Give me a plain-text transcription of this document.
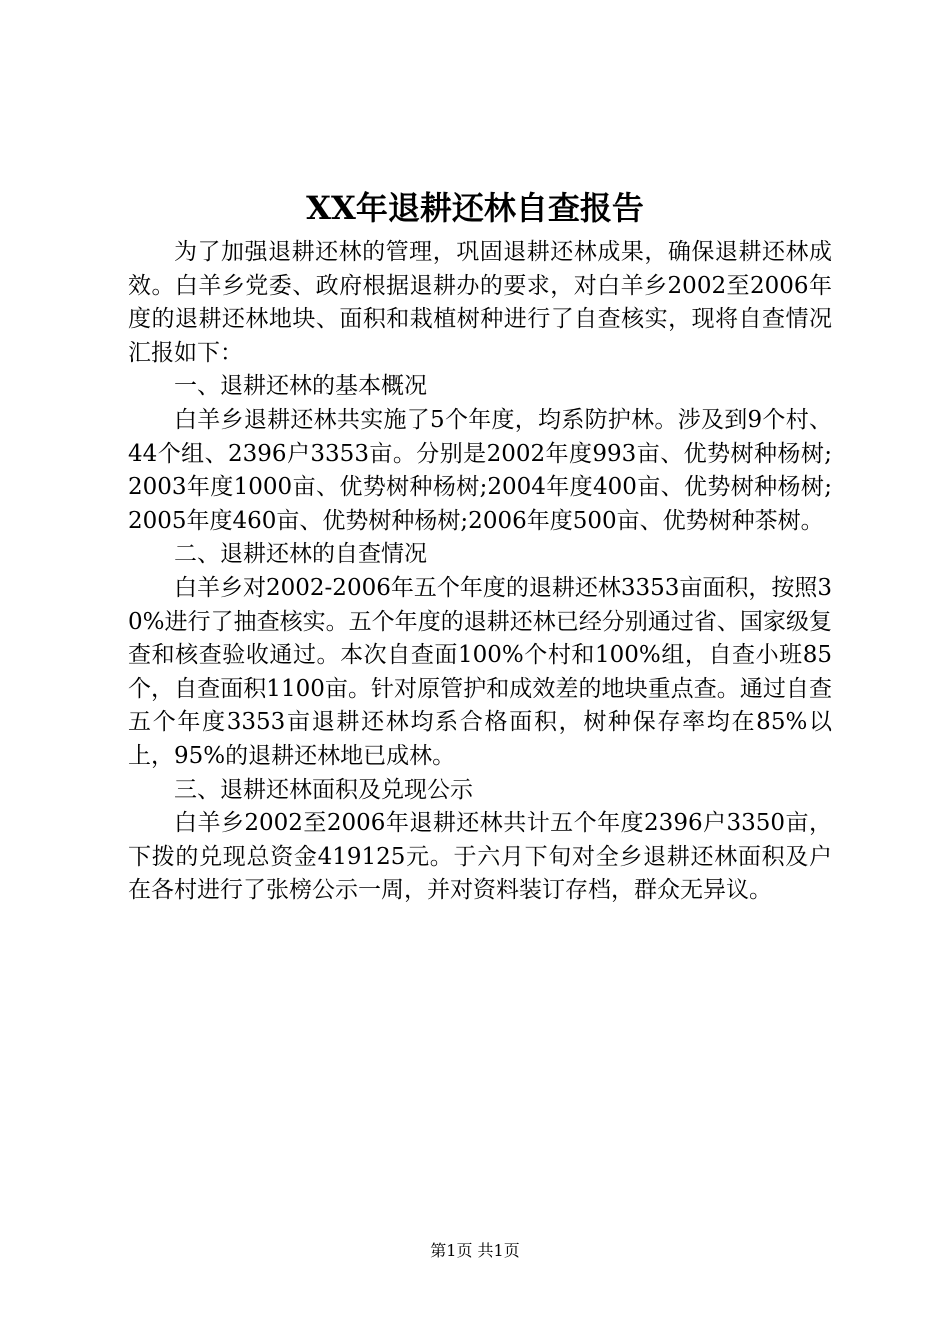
XX年退耕还林自查报告

为了加强退耕还林的管理，巩固退耕还林成果，确保退耕还林成效。白羊乡党委、政府根据退耕办的要求，对白羊乡2002至2006年度的退耕还林地块、面积和栽植树种进行了自查核实，现将自查情况汇报如下：

一、退耕还林的基本概况

白羊乡退耕还林共实施了5个年度，均系防护林。涉及到9个村、44个组、2396户3353亩。分别是2002年度993亩、优势树种杨树;2003年度1000亩、优势树种杨树;2004年度400亩、优势树种杨树;2005年度460亩、优势树种杨树;2006年度500亩、优势树种茶树。

二、退耕还林的自查情况

白羊乡对2002-2006年五个年度的退耕还林3353亩面积，按照30%进行了抽查核实。五个年度的退耕还林已经分别通过省、国家级复查和核查验收通过。本次自查面100%个村和100%组，自查小班85个，自查面积1100亩。针对原管护和成效差的地块重点查。通过自查五个年度3353亩退耕还林均系合格面积，树种保存率均在85%以上，95%的退耕还林地已成林。

三、退耕还林面积及兑现公示

白羊乡2002至2006年退耕还林共计五个年度2396户3350亩，下拨的兑现总资金419125元。于六月下旬对全乡退耕还林面积及户在各村进行了张榜公示一周，并对资料装订存档，群众无异议。

第1页 共1页
